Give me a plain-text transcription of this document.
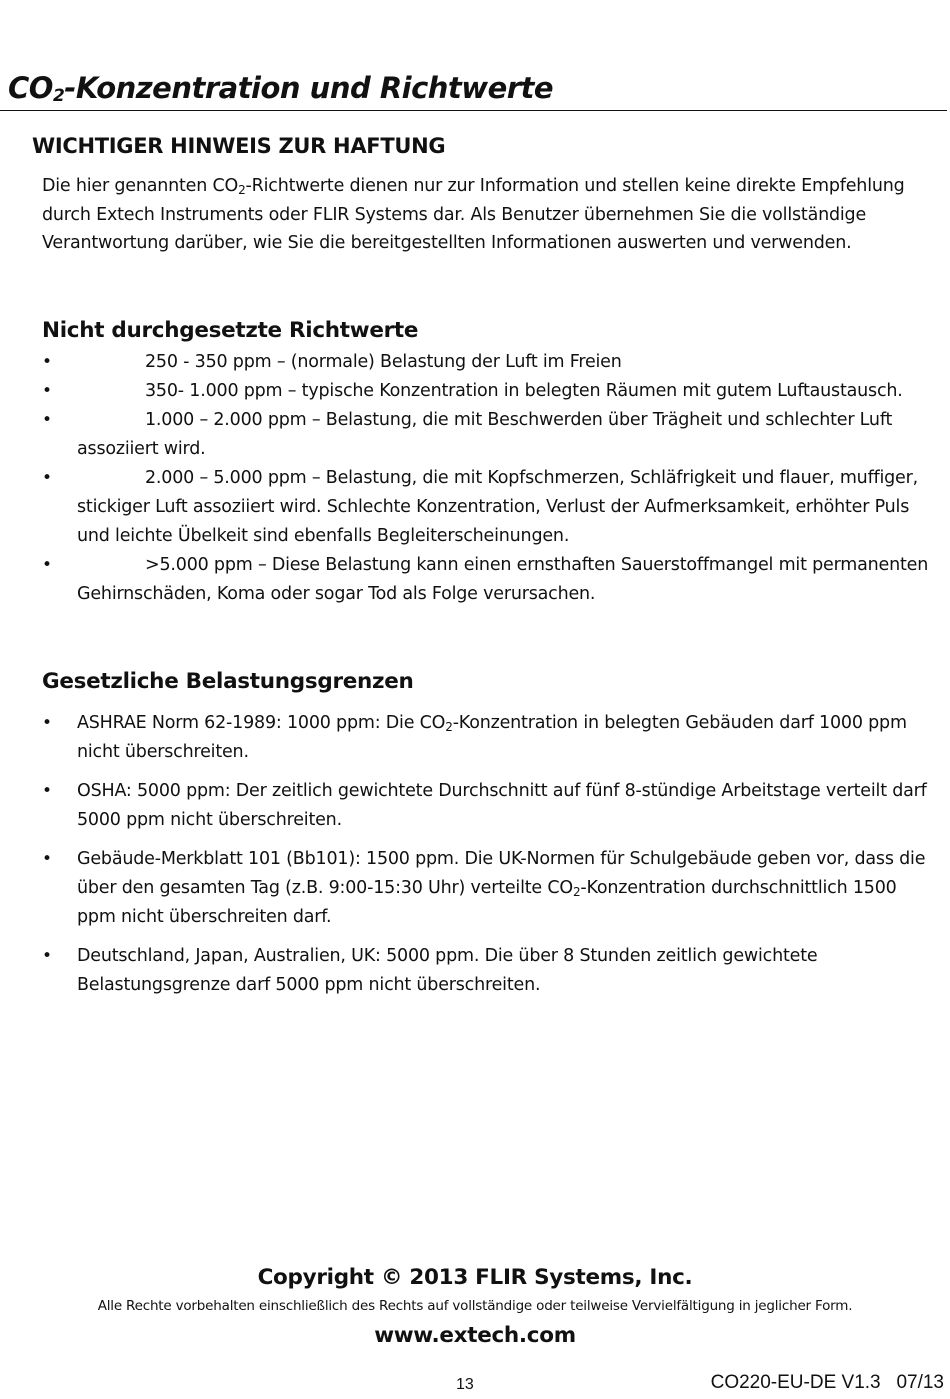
$CO_2$-Konzentration und Richtwerte
WICHTIGER HINWEIS ZUR HAFTUNG

Die hier genannten CO2-Richtwerte dienen nur zur Information und stellen keine direkte Empfehlung durch Extech Instruments oder FLIR Systems dar. Als Benutzer übernehmen Sie die vollständige Verantwortung darüber, wie Sie die bereitgestellten Informationen auswerten und verwenden.

Nicht durchgesetzte Richtwerte
•	250 - 350 ppm – (normale) Belastung der Luft im Freien
•	350- 1.000 ppm – typische Konzentration in belegten Räumen mit gutem Luftaustausch.
•	1.000 – 2.000 ppm – Belastung, die mit Beschwerden über Trägheit und schlechter Luft assoziiert wird.
•	2.000 – 5.000 ppm – Belastung, die mit Kopfschmerzen, Schläfrigkeit und flauer, muffiger, stickiger Luft assoziiert wird. Schlechte Konzentration, Verlust der Aufmerksamkeit, erhöhter Puls und leichte Übelkeit sind ebenfalls Begleiterscheinungen.
•	>5.000 ppm – Diese Belastung kann einen ernsthaften Sauerstoffmangel mit permanenten Gehirnschäden, Koma oder sogar Tod als Folge verursachen.
Gesetzliche Belastungsgrenzen
• ASHRAE Norm 62-1989: 1000 ppm: Die CO2-Konzentration in belegten Gebäuden darf 1000 ppm nicht überschreiten.
• OSHA: 5000 ppm: Der zeitlich gewichtete Durchschnitt auf fünf 8-stündige Arbeitstage verteilt darf 5000 ppm nicht überschreiten.
• Gebäude-Merkblatt 101 (Bb101): 1500 ppm. Die UK-Normen für Schulgebäude geben vor, dass die über den gesamten Tag (z.B. 9:00-15:30 Uhr) verteilte CO2-Konzentration durchschnittlich 1500 ppm nicht überschreiten darf.
• Deutschland, Japan, Australien, UK: 5000 ppm. Die über 8 Stunden zeitlich gewichtete Belastungsgrenze darf 5000 ppm nicht überschreiten.

Copyright © 2013 FLIR Systems, Inc.

Alle Rechte vorbehalten einschließlich des Rechts auf vollständige oder teilweise Vervielfältigung in jeglicher Form.

www.extech.com

13	CO220-EU-DE V1.3   07/13
